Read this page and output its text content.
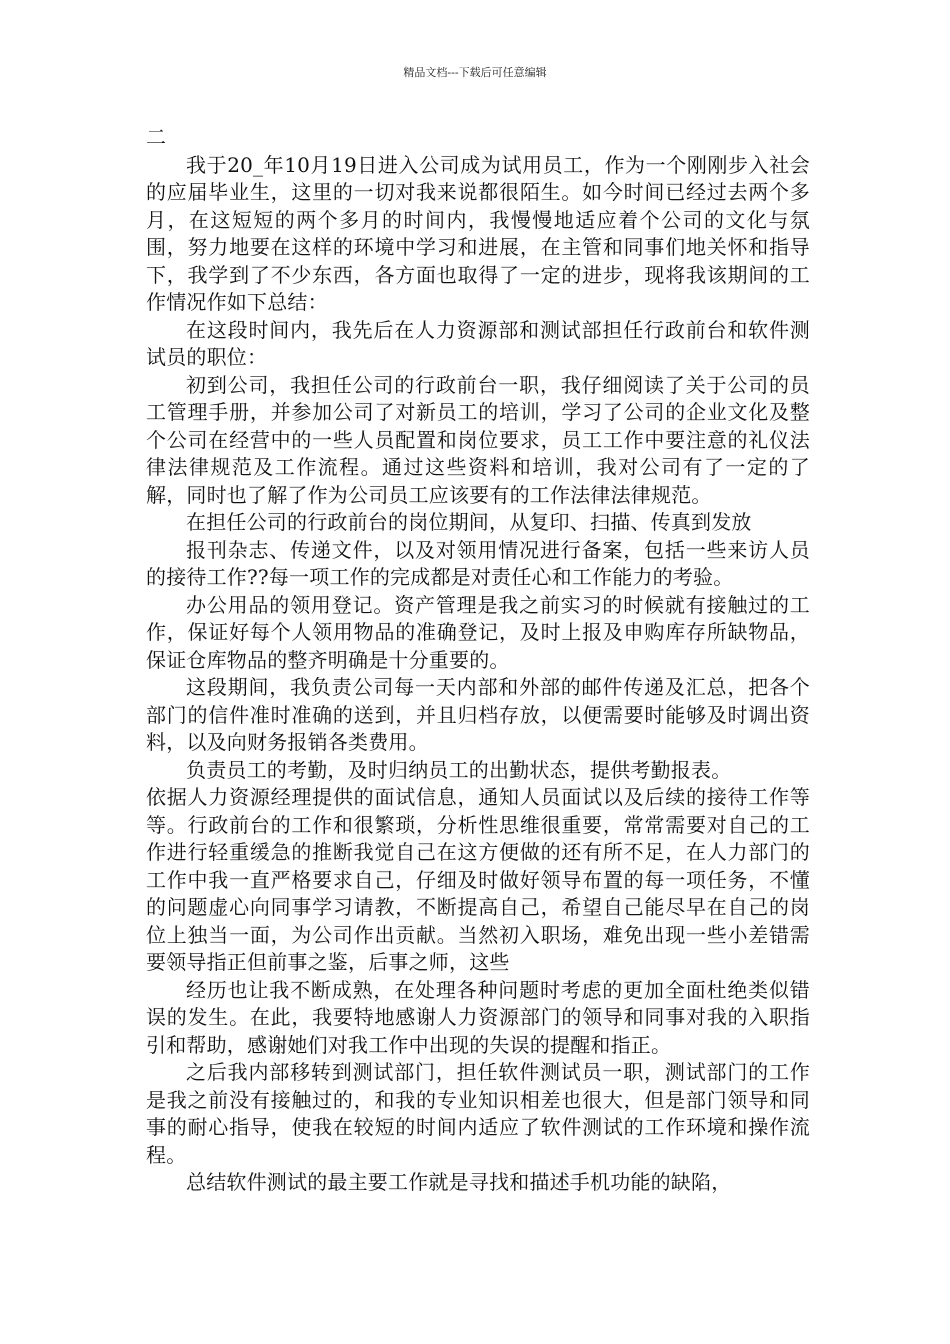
精品文档---下载后可任意编辑

二

我于20_年10月19日进入公司成为试用员工，作为一个刚刚步入社会的应届毕业生，这里的一切对我来说都很陌生。如今时间已经过去两个多月，在这短短的两个多月的时间内，我慢慢地适应着个公司的文化与氛围，努力地要在这样的环境中学习和进展，在主管和同事们地关怀和指导下，我学到了不少东西，各方面也取得了一定的进步，现将我该期间的工作情况作如下总结：

在这段时间内，我先后在人力资源部和测试部担任行政前台和软件测试员的职位：

初到公司，我担任公司的行政前台一职，我仔细阅读了关于公司的员工管理手册，并参加公司了对新员工的培训，学习了公司的企业文化及整个公司在经营中的一些人员配置和岗位要求，员工工作中要注意的礼仪法律法律规范及工作流程。通过这些资料和培训，我对公司有了一定的了解，同时也了解了作为公司员工应该要有的工作法律法律规范。

在担任公司的行政前台的岗位期间，从复印、扫描、传真到发放

报刊杂志、传递文件，以及对领用情况进行备案，包括一些来访人员的接待工作??每一项工作的完成都是对责任心和工作能力的考验。

办公用品的领用登记。资产管理是我之前实习的时候就有接触过的工作，保证好每个人领用物品的准确登记，及时上报及申购库存所缺物品，保证仓库物品的整齐明确是十分重要的。

这段期间，我负责公司每一天内部和外部的邮件传递及汇总，把各个部门的信件准时准确的送到，并且归档存放，以便需要时能够及时调出资料，以及向财务报销各类费用。

负责员工的考勤，及时归纳员工的出勤状态，提供考勤报表。

依据人力资源经理提供的面试信息，通知人员面试以及后续的接待工作等等。行政前台的工作和很繁琐，分析性思维很重要，常常需要对自己的工作进行轻重缓急的推断我觉自己在这方便做的还有所不足，在人力部门的工作中我一直严格要求自己，仔细及时做好领导布置的每一项任务，不懂的问题虚心向同事学习请教，不断提高自己，希望自己能尽早在自己的岗位上独当一面，为公司作出贡献。当然初入职场，难免出现一些小差错需要领导指正但前事之鉴，后事之师，这些

经历也让我不断成熟，在处理各种问题时考虑的更加全面杜绝类似错误的发生。在此，我要特地感谢人力资源部门的领导和同事对我的入职指引和帮助，感谢她们对我工作中出现的失误的提醒和指正。

之后我内部移转到测试部门，担任软件测试员一职，测试部门的工作是我之前没有接触过的，和我的专业知识相差也很大，但是部门领导和同事的耐心指导，使我在较短的时间内适应了软件测试的工作环境和操作流程。

总结软件测试的最主要工作就是寻找和描述手机功能的缺陷，
